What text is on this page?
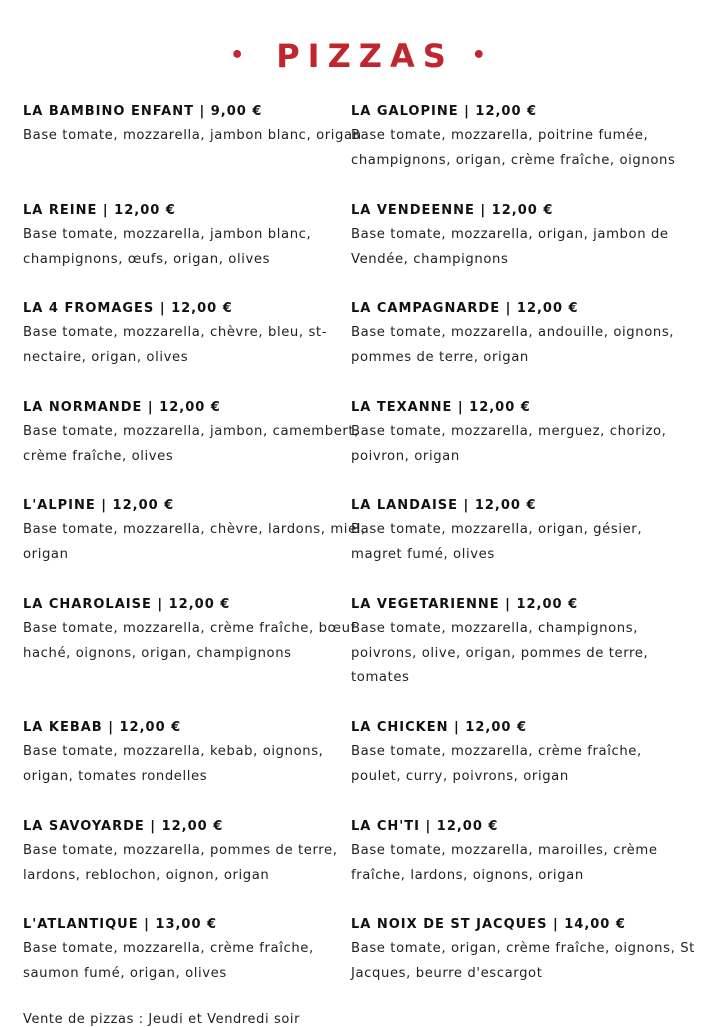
• PIZZAS •
LA BAMBINO ENFANT | 9,00 €
Base tomate, mozzarella, jambon blanc, origan
LA REINE | 12,00 €
Base tomate, mozzarella, jambon blanc, champignons, œufs, origan, olives
LA 4 FROMAGES | 12,00 €
Base tomate, mozzarella, chèvre, bleu, st-nectaire, origan, olives
LA NORMANDE | 12,00 €
Base tomate, mozzarella, jambon, camembert, crème fraîche, olives
L'ALPINE | 12,00 €
Base tomate, mozzarella, chèvre, lardons, miel, origan
LA CHAROLAISE | 12,00 €
Base tomate, mozzarella, crème fraîche, bœuf haché, oignons, origan, champignons
LA KEBAB | 12,00 €
Base tomate, mozzarella, kebab, oignons, origan, tomates rondelles
LA SAVOYARDE | 12,00 €
Base tomate, mozzarella, pommes de terre, lardons, reblochon, oignon, origan
L'ATLANTIQUE | 13,00 €
Base tomate, mozzarella, crème fraîche, saumon fumé, origan, olives
LA GALOPINE | 12,00 €
Base tomate, mozzarella, poitrine fumée, champignons, origan, crème fraîche, oignons
LA VENDEENNE | 12,00 €
Base tomate, mozzarella, origan, jambon de Vendée, champignons
LA CAMPAGNARDE | 12,00 €
Base tomate, mozzarella, andouille, oignons, pommes de terre, origan
LA TEXANNE | 12,00 €
Base tomate, mozzarella, merguez, chorizo, poivron, origan
LA LANDAISE | 12,00 €
Base tomate, mozzarella, origan, gésier, magret fumé, olives
LA VEGETARIENNE | 12,00 €
Base tomate, mozzarella, champignons, poivrons, olive, origan, pommes de terre, tomates
LA CHICKEN | 12,00 €
Base tomate, mozzarella, crème fraîche, poulet, curry, poivrons, origan
LA CH'TI | 12,00 €
Base tomate, mozzarella, maroilles, crème fraîche, lardons, oignons, origan
LA NOIX DE ST JACQUES | 14,00 €
Base tomate, origan, crème fraîche, oignons, St Jacques, beurre d'escargot
Vente de pizzas : Jeudi et Vendredi soir
